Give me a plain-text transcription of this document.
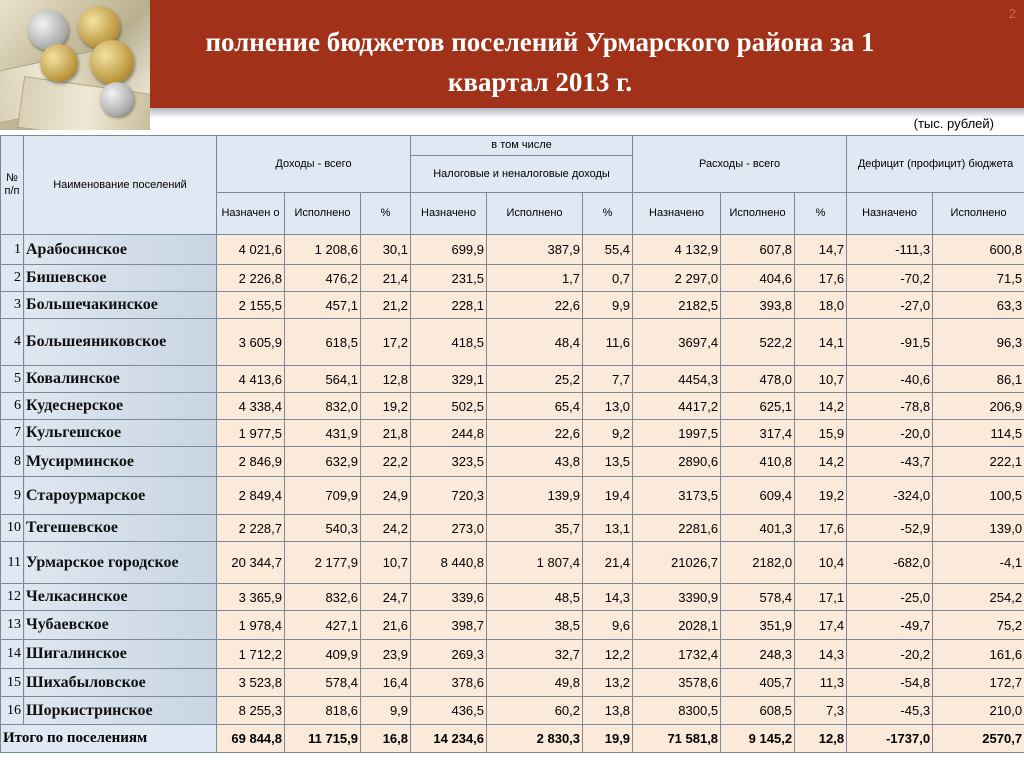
полнение бюджетов поселений Урмарского района за 1
квартал 2013 г.
2
(тыс. рублей)
№ п/п	Наименование поселений	Доходы - всего			в том числе			Расходы - всего			Дефицит (профицит) бюджета	
					Налоговые и неналоговые доходы							
		Назначен о	Исполнено	%	Назначено	Исполнено	%	Назначено	Исполнено	%	Назначено	Исполнено
1	Арабосинское	4 021,6	1 208,6	30,1	699,9	387,9	55,4	4 132,9	607,8	14,7	-111,3	600,8
2	Бишевское	2 226,8	476,2	21,4	231,5	1,7	0,7	2 297,0	404,6	17,6	-70,2	71,5
3	Большечакинское	2 155,5	457,1	21,2	228,1	22,6	9,9	2182,5	393,8	18,0	-27,0	63,3
4	Большеяниковское	3 605,9	618,5	17,2	418,5	48,4	11,6	3697,4	522,2	14,1	-91,5	96,3
5	Ковалинское	4 413,6	564,1	12,8	329,1	25,2	7,7	4454,3	478,0	10,7	-40,6	86,1
6	Кудеснерское	4 338,4	832,0	19,2	502,5	65,4	13,0	4417,2	625,1	14,2	-78,8	206,9
7	Кульгешское	1 977,5	431,9	21,8	244,8	22,6	9,2	1997,5	317,4	15,9	-20,0	114,5
8	Мусирминское	2 846,9	632,9	22,2	323,5	43,8	13,5	2890,6	410,8	14,2	-43,7	222,1
9	Староурмарское	2 849,4	709,9	24,9	720,3	139,9	19,4	3173,5	609,4	19,2	-324,0	100,5
10	Тегешевское	2 228,7	540,3	24,2	273,0	35,7	13,1	2281,6	401,3	17,6	-52,9	139,0
11	Урмарское городское	20 344,7	2 177,9	10,7	8 440,8	1 807,4	21,4	21026,7	2182,0	10,4	-682,0	-4,1
12	Челкасинское	3 365,9	832,6	24,7	339,6	48,5	14,3	3390,9	578,4	17,1	-25,0	254,2
13	Чубаевское	1 978,4	427,1	21,6	398,7	38,5	9,6	2028,1	351,9	17,4	-49,7	75,2
14	Шигалинское	1 712,2	409,9	23,9	269,3	32,7	12,2	1732,4	248,3	14,3	-20,2	161,6
15	Шихабыловское	3 523,8	578,4	16,4	378,6	49,8	13,2	3578,6	405,7	11,3	-54,8	172,7
16	Шоркистринское	8 255,3	818,6	9,9	436,5	60,2	13,8	8300,5	608,5	7,3	-45,3	210,0
Итого по поселениям		69 844,8	11 715,9	16,8	14 234,6	2 830,3	19,9	71 581,8	9 145,2	12,8	-1737,0	2570,7
